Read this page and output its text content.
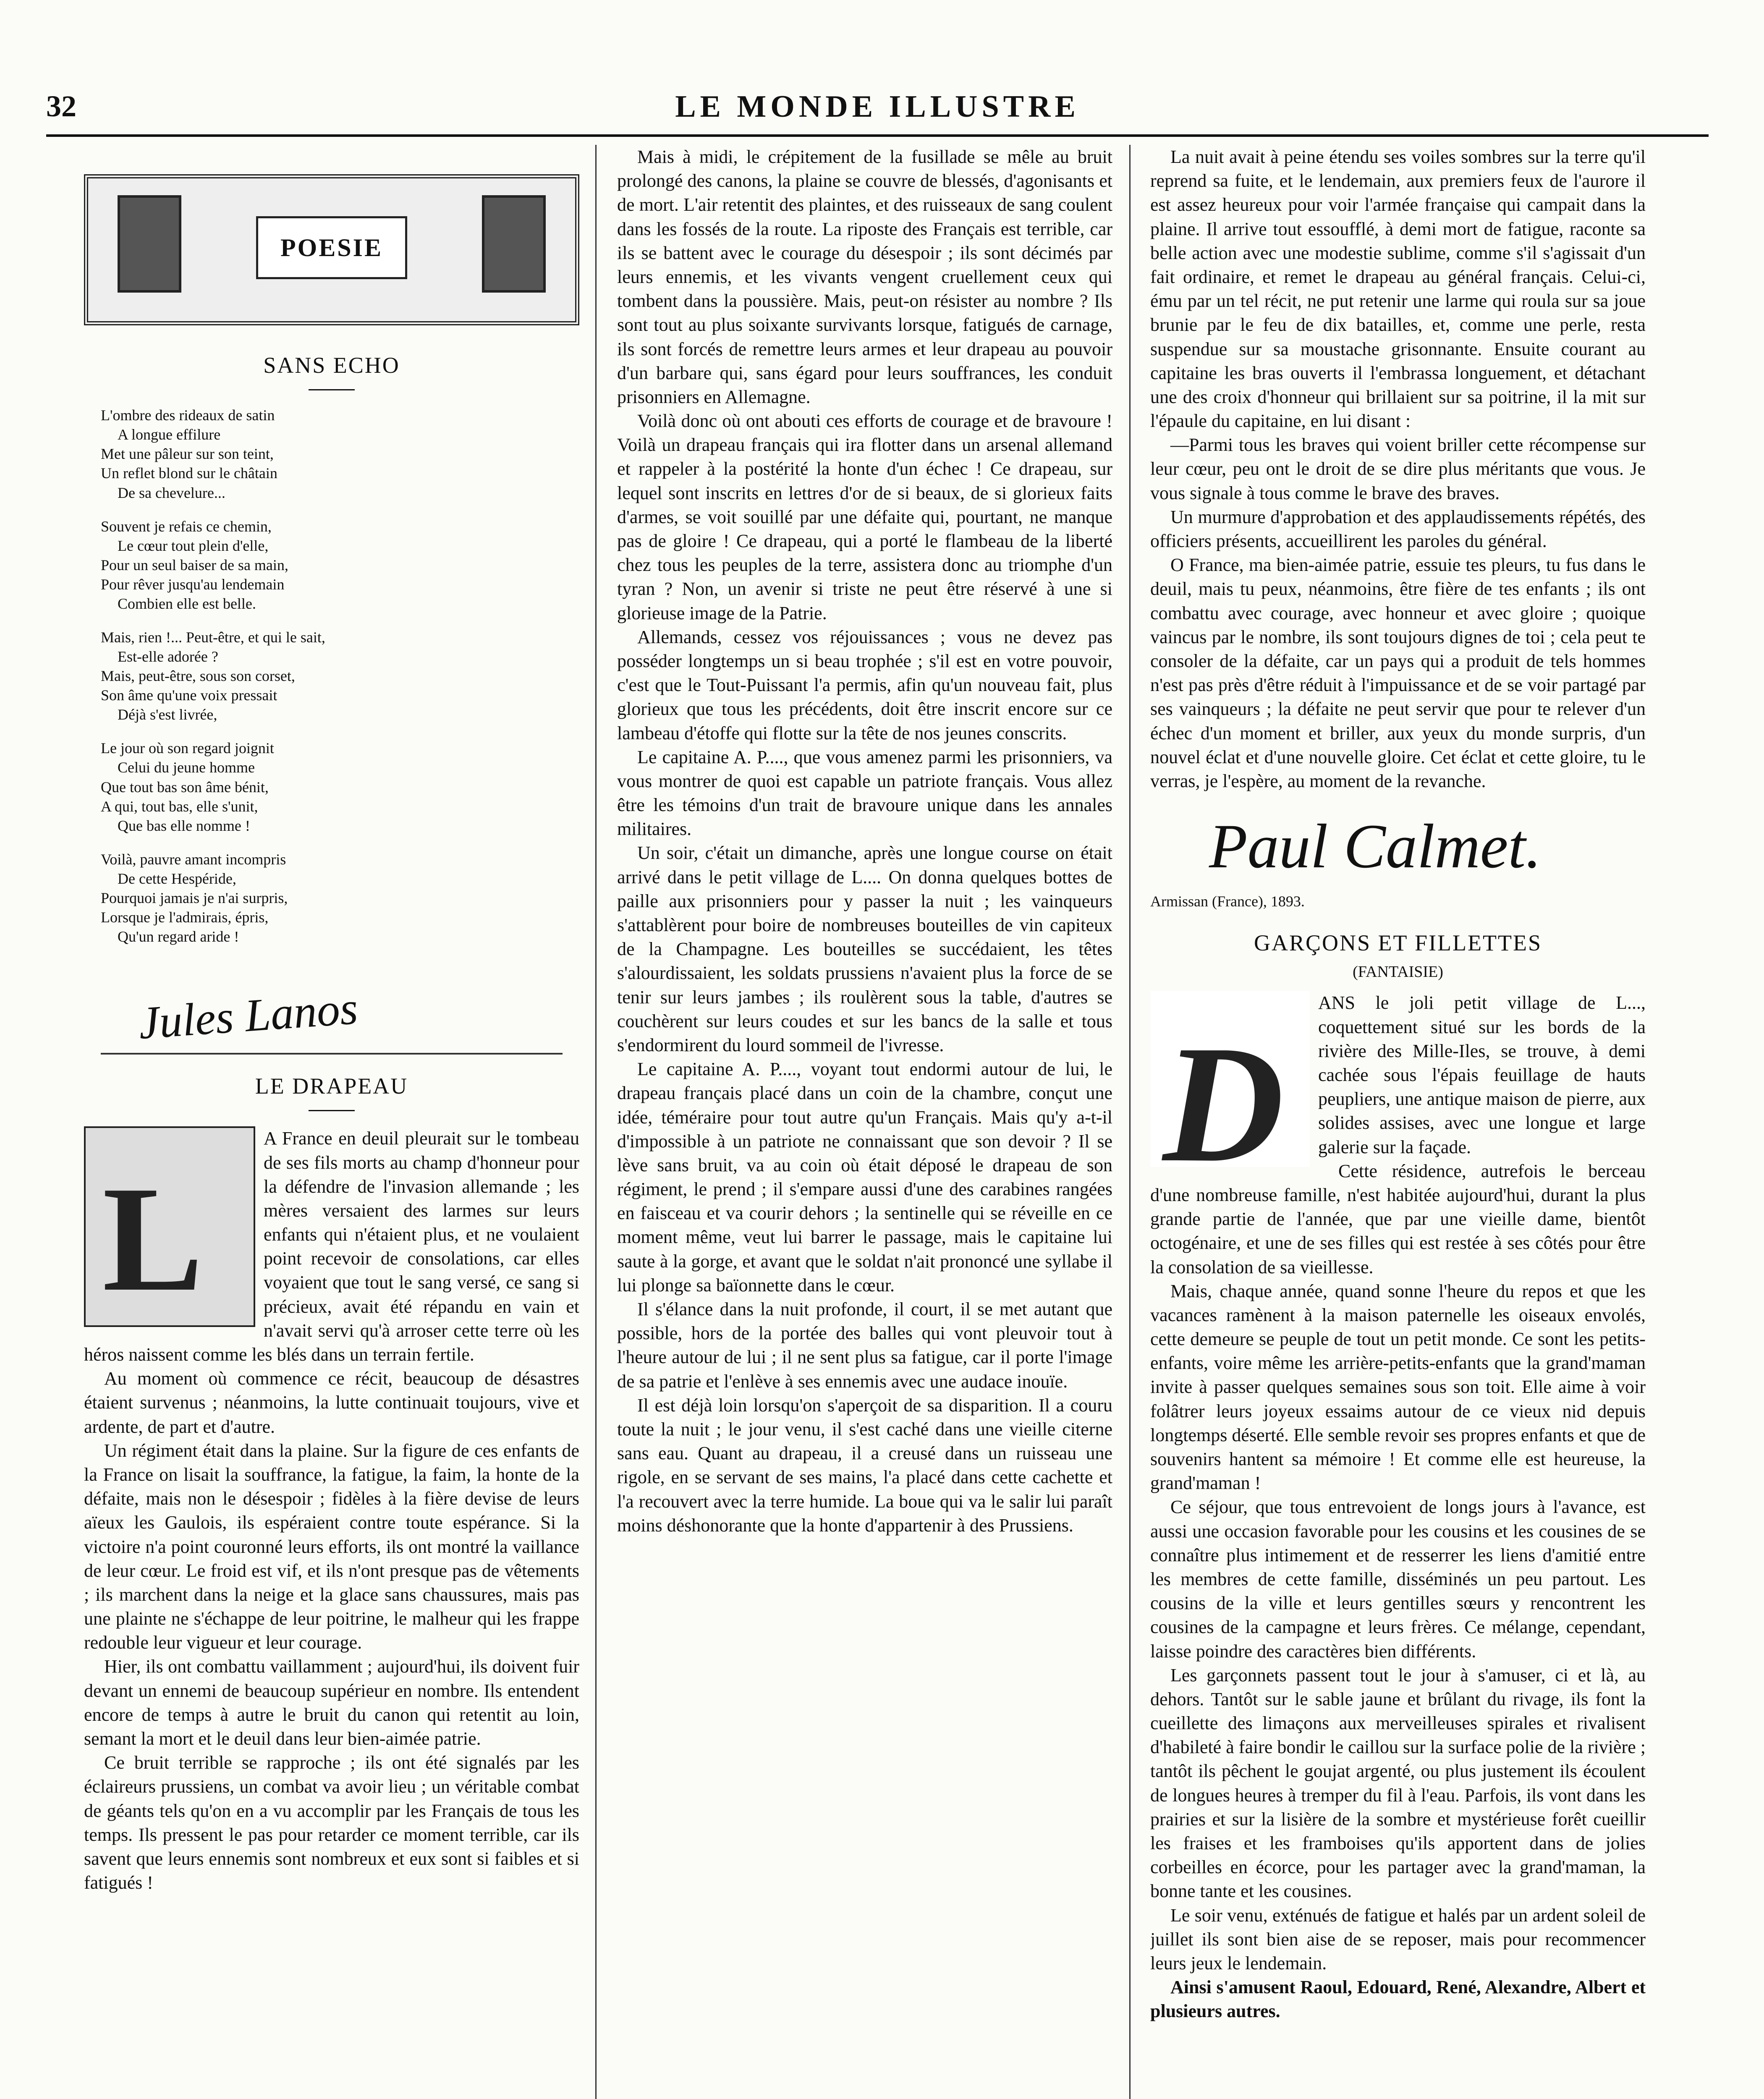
32	LE MONDE ILLUSTRE
POESIE
SANS ECHO
L'ombre des rideaux de satin
A longue effilure
Met une pâleur sur son teint,
Un reflet blond sur le châtain
De sa chevelure...
Souvent je refais ce chemin,
Le cœur tout plein d'elle,
Pour un seul baiser de sa main,
Pour rêver jusqu'au lendemain
Combien elle est belle.
Mais, rien !... Peut-être, et qui le sait,
Est-elle adorée ?
Mais, peut-être, sous son corset,
Son âme qu'une voix pressait
Déjà s'est livrée,
Le jour où son regard joignit
Celui du jeune homme
Que tout bas son âme bénit,
A qui, tout bas, elle s'unit,
Que bas elle nomme !
Voilà, pauvre amant incompris
De cette Hespéride,
Pourquoi jamais je n'ai surpris,
Lorsque je l'admirais, épris,
Qu'un regard aride !
Jules Lanos
LE DRAPEAU
L

A France en deuil pleurait sur le tombeau de ses fils morts au champ d'honneur pour la défendre de l'invasion allemande ; les mères versaient des larmes sur leurs enfants qui n'étaient plus, et ne voulaient point recevoir de consolations, car elles voyaient que tout le sang versé, ce sang si précieux, avait été répandu en vain et n'avait servi qu'à arroser cette terre où les héros naissent comme les blés dans un terrain fertile.

Au moment où commence ce récit, beaucoup de désastres étaient survenus ; néanmoins, la lutte continuait toujours, vive et ardente, de part et d'autre.

Un régiment était dans la plaine. Sur la figure de ces enfants de la France on lisait la souffrance, la fatigue, la faim, la honte de la défaite, mais non le désespoir ; fidèles à la fière devise de leurs aïeux les Gaulois, ils espéraient contre toute espérance. Si la victoire n'a point couronné leurs efforts, ils ont montré la vaillance de leur cœur. Le froid est vif, et ils n'ont presque pas de vêtements ; ils marchent dans la neige et la glace sans chaussures, mais pas une plainte ne s'échappe de leur poitrine, le malheur qui les frappe redouble leur vigueur et leur courage.

Hier, ils ont combattu vaillamment ; aujourd'hui, ils doivent fuir devant un ennemi de beaucoup supérieur en nombre. Ils entendent encore de temps à autre le bruit du canon qui retentit au loin, semant la mort et le deuil dans leur bien-aimée patrie.

Ce bruit terrible se rapproche ; ils ont été signalés par les éclaireurs prussiens, un combat va avoir lieu ; un véritable combat de géants tels qu'on en a vu accomplir par les Français de tous les temps. Ils pressent le pas pour retarder ce moment terrible, car ils savent que leurs ennemis sont nombreux et eux sont si faibles et si fatigués !

Mais à midi, le crépitement de la fusillade se mêle au bruit prolongé des canons, la plaine se couvre de blessés, d'agonisants et de mort. L'air retentit des plaintes, et des ruisseaux de sang coulent dans les fossés de la route. La riposte des Français est terrible, car ils se battent avec le courage du désespoir ; ils sont décimés par leurs ennemis, et les vivants vengent cruellement ceux qui tombent dans la poussière. Mais, peut-on résister au nombre ? Ils sont tout au plus soixante survivants lorsque, fatigués de carnage, ils sont forcés de remettre leurs armes et leur drapeau au pouvoir d'un barbare qui, sans égard pour leurs souffrances, les conduit prisonniers en Allemagne.

Voilà donc où ont abouti ces efforts de courage et de bravoure ! Voilà un drapeau français qui ira flotter dans un arsenal allemand et rappeler à la postérité la honte d'un échec ! Ce drapeau, sur lequel sont inscrits en lettres d'or de si beaux, de si glorieux faits d'armes, se voit souillé par une défaite qui, pourtant, ne manque pas de gloire ! Ce drapeau, qui a porté le flambeau de la liberté chez tous les peuples de la terre, assistera donc au triomphe d'un tyran ? Non, un avenir si triste ne peut être réservé à une si glorieuse image de la Patrie.

Allemands, cessez vos réjouissances ; vous ne devez pas posséder longtemps un si beau trophée ; s'il est en votre pouvoir, c'est que le Tout-Puissant l'a permis, afin qu'un nouveau fait, plus glorieux que tous les précédents, doit être inscrit encore sur ce lambeau d'étoffe qui flotte sur la tête de nos jeunes conscrits.

Le capitaine A. P...., que vous amenez parmi les prisonniers, va vous montrer de quoi est capable un patriote français. Vous allez être les témoins d'un trait de bravoure unique dans les annales militaires.

Un soir, c'était un dimanche, après une longue course on était arrivé dans le petit village de L.... On donna quelques bottes de paille aux prisonniers pour y passer la nuit ; les vainqueurs s'attablèrent pour boire de nombreuses bouteilles de vin capiteux de la Champagne. Les bouteilles se succédaient, les têtes s'alourdissaient, les soldats prussiens n'avaient plus la force de se tenir sur leurs jambes ; ils roulèrent sous la table, d'autres se couchèrent sur leurs coudes et sur les bancs de la salle et tous s'endormirent du lourd sommeil de l'ivresse.

Le capitaine A. P...., voyant tout endormi autour de lui, le drapeau français placé dans un coin de la chambre, conçut une idée, téméraire pour tout autre qu'un Français. Mais qu'y a-t-il d'impossible à un patriote ne connaissant que son devoir ? Il se lève sans bruit, va au coin où était déposé le drapeau de son régiment, le prend ; il s'empare aussi d'une des carabines rangées en faisceau et va courir dehors ; la sentinelle qui se réveille en ce moment même, veut lui barrer le passage, mais le capitaine lui saute à la gorge, et avant que le soldat n'ait prononcé une syllabe il lui plonge sa baïonnette dans le cœur.

Il s'élance dans la nuit profonde, il court, il se met autant que possible, hors de la portée des balles qui vont pleuvoir tout à l'heure autour de lui ; il ne sent plus sa fatigue, car il porte l'image de sa patrie et l'enlève à ses ennemis avec une audace inouïe.

Il est déjà loin lorsqu'on s'aperçoit de sa disparition. Il a couru toute la nuit ; le jour venu, il s'est caché dans une vieille citerne sans eau. Quant au drapeau, il a creusé dans un ruisseau une rigole, en se servant de ses mains, l'a placé dans cette cachette et l'a recouvert avec la terre humide. La boue qui va le salir lui paraît moins déshonorante que la honte d'appartenir à des Prussiens.

La nuit avait à peine étendu ses voiles sombres sur la terre qu'il reprend sa fuite, et le lendemain, aux premiers feux de l'aurore il est assez heureux pour voir l'armée française qui campait dans la plaine. Il arrive tout essoufflé, à demi mort de fatigue, raconte sa belle action avec une modestie sublime, comme s'il s'agissait d'un fait ordinaire, et remet le drapeau au général français. Celui-ci, ému par un tel récit, ne put retenir une larme qui roula sur sa joue brunie par le feu de dix batailles, et, comme une perle, resta suspendue sur sa moustache grisonnante. Ensuite courant au capitaine les bras ouverts il l'embrassa longuement, et détachant une des croix d'honneur qui brillaient sur sa poitrine, il la mit sur l'épaule du capitaine, en lui disant :

—Parmi tous les braves qui voient briller cette récompense sur leur cœur, peu ont le droit de se dire plus méritants que vous. Je vous signale à tous comme le brave des braves.

Un murmure d'approbation et des applaudissements répétés, des officiers présents, accueillirent les paroles du général.

O France, ma bien-aimée patrie, essuie tes pleurs, tu fus dans le deuil, mais tu peux, néanmoins, être fière de tes enfants ; ils ont combattu avec courage, avec honneur et avec gloire ; quoique vaincus par le nombre, ils sont toujours dignes de toi ; cela peut te consoler de la défaite, car un pays qui a produit de tels hommes n'est pas près d'être réduit à l'impuissance et de se voir partagé par ses vainqueurs ; la défaite ne peut servir que pour te relever d'un échec d'un moment et briller, aux yeux du monde surpris, d'un nouvel éclat et d'une nouvelle gloire. Cet éclat et cette gloire, tu le verras, je l'espère, au moment de la revanche.

Paul Calmet.
Armissan (France), 1893.
GARÇONS ET FILLETTES
(FANTAISIE)
D

ANS le joli petit village de L..., coquettement situé sur les bords de la rivière des Mille-Iles, se trouve, à demi cachée sous l'épais feuillage de hauts peupliers, une antique maison de pierre, aux solides assises, avec une longue et large galerie sur la façade.

Cette résidence, autrefois le berceau d'une nombreuse famille, n'est habitée aujourd'hui, durant la plus grande partie de l'année, que par une vieille dame, bientôt octogénaire, et une de ses filles qui est restée à ses côtés pour être la consolation de sa vieillesse.

Mais, chaque année, quand sonne l'heure du repos et que les vacances ramènent à la maison paternelle les oiseaux envolés, cette demeure se peuple de tout un petit monde. Ce sont les petits-enfants, voire même les arrière-petits-enfants que la grand'maman invite à passer quelques semaines sous son toit. Elle aime à voir folâtrer leurs joyeux essaims autour de ce vieux nid depuis longtemps déserté. Elle semble revoir ses propres enfants et que de souvenirs hantent sa mémoire ! Et comme elle est heureuse, la grand'maman !

Ce séjour, que tous entrevoient de longs jours à l'avance, est aussi une occasion favorable pour les cousins et les cousines de se connaître plus intimement et de resserrer les liens d'amitié entre les membres de cette famille, disséminés un peu partout. Les cousins de la ville et leurs gentilles sœurs y rencontrent les cousines de la campagne et leurs frères. Ce mélange, cependant, laisse poindre des caractères bien différents.

Les garçonnets passent tout le jour à s'amuser, ci et là, au dehors. Tantôt sur le sable jaune et brûlant du rivage, ils font la cueillette des limaçons aux merveilleuses spirales et rivalisent d'habileté à faire bondir le caillou sur la surface polie de la rivière ; tantôt ils pêchent le goujat argenté, ou plus justement ils écoulent de longues heures à tremper du fil à l'eau. Parfois, ils vont dans les prairies et sur la lisière de la sombre et mystérieuse forêt cueillir les fraises et les framboises qu'ils apportent dans de jolies corbeilles en écorce, pour les partager avec la grand'maman, la bonne tante et les cousines.

Le soir venu, exténués de fatigue et halés par un ardent soleil de juillet ils sont bien aise de se reposer, mais pour recommencer leurs jeux le lendemain.

Ainsi s'amusent Raoul, Edouard, René, Alexandre, Albert et plusieurs autres.
